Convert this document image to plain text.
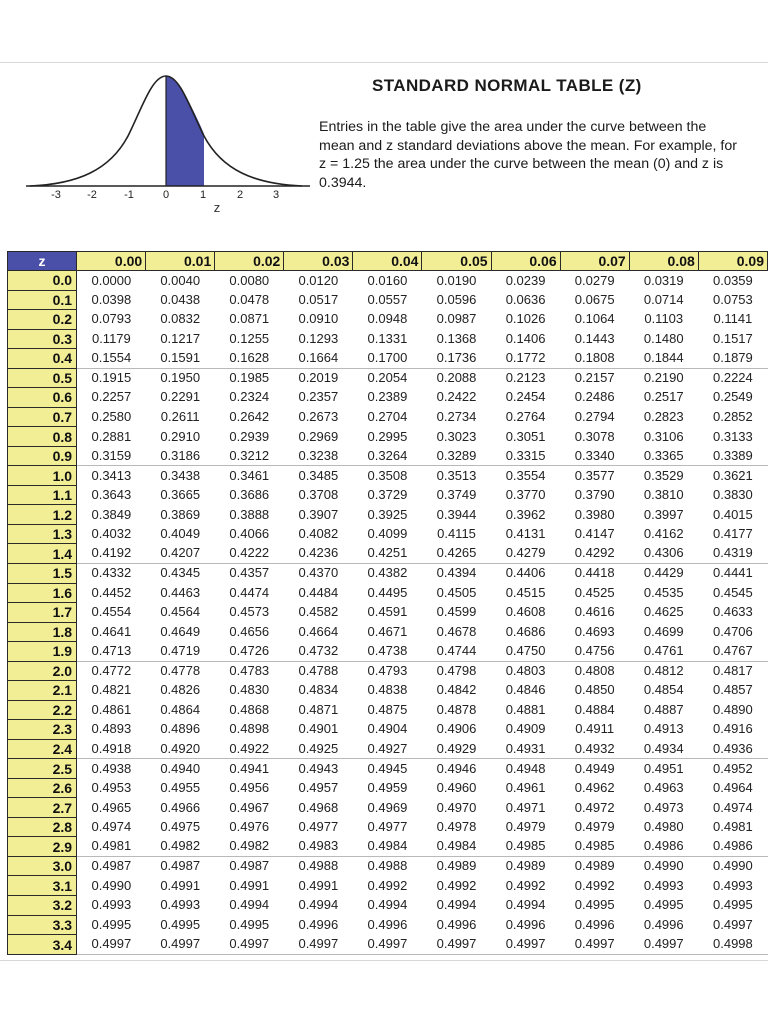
-3 -2 -1	0	1	2	3
z
STANDARD NORMAL TABLE (Z)
Entries in the table give the area under the curve between the mean and z standard deviations above the mean. For example, for z = 1.25 the area under the curve between the mean (0) and z is 0.3944.
z	0.00	0.01	0.02	0.03	0.04	0.05	0.06	0.07	0.08	0.09
0.0	0.0000	0.0040	0.0080	0.0120	0.0160	0.0190	0.0239	0.0279	0.0319	0.0359
0.1	0.0398	0.0438	0.0478	0.0517	0.0557	0.0596	0.0636	0.0675	0.0714	0.0753
0.2	0.0793	0.0832	0.0871	0.0910	0.0948	0.0987	0.1026	0.1064	0.1103	0.1141
0.3	0.1179	0.1217	0.1255	0.1293	0.1331	0.1368	0.1406	0.1443	0.1480	0.1517
0.4	0.1554	0.1591	0.1628	0.1664	0.1700	0.1736	0.1772	0.1808	0.1844	0.1879
0.5	0.1915	0.1950	0.1985	0.2019	0.2054	0.2088	0.2123	0.2157	0.2190	0.2224
0.6	0.2257	0.2291	0.2324	0.2357	0.2389	0.2422	0.2454	0.2486	0.2517	0.2549
0.7	0.2580	0.2611	0.2642	0.2673	0.2704	0.2734	0.2764	0.2794	0.2823	0.2852
0.8	0.2881	0.2910	0.2939	0.2969	0.2995	0.3023	0.3051	0.3078	0.3106	0.3133
0.9	0.3159	0.3186	0.3212	0.3238	0.3264	0.3289	0.3315	0.3340	0.3365	0.3389
1.0	0.3413	0.3438	0.3461	0.3485	0.3508	0.3513	0.3554	0.3577	0.3529	0.3621
1.1	0.3643	0.3665	0.3686	0.3708	0.3729	0.3749	0.3770	0.3790	0.3810	0.3830
1.2	0.3849	0.3869	0.3888	0.3907	0.3925	0.3944	0.3962	0.3980	0.3997	0.4015
1.3	0.4032	0.4049	0.4066	0.4082	0.4099	0.4115	0.4131	0.4147	0.4162	0.4177
1.4	0.4192	0.4207	0.4222	0.4236	0.4251	0.4265	0.4279	0.4292	0.4306	0.4319
1.5	0.4332	0.4345	0.4357	0.4370	0.4382	0.4394	0.4406	0.4418	0.4429	0.4441
1.6	0.4452	0.4463	0.4474	0.4484	0.4495	0.4505	0.4515	0.4525	0.4535	0.4545
1.7	0.4554	0.4564	0.4573	0.4582	0.4591	0.4599	0.4608	0.4616	0.4625	0.4633
1.8	0.4641	0.4649	0.4656	0.4664	0.4671	0.4678	0.4686	0.4693	0.4699	0.4706
1.9	0.4713	0.4719	0.4726	0.4732	0.4738	0.4744	0.4750	0.4756	0.4761	0.4767
2.0	0.4772	0.4778	0.4783	0.4788	0.4793	0.4798	0.4803	0.4808	0.4812	0.4817
2.1	0.4821	0.4826	0.4830	0.4834	0.4838	0.4842	0.4846	0.4850	0.4854	0.4857
2.2	0.4861	0.4864	0.4868	0.4871	0.4875	0.4878	0.4881	0.4884	0.4887	0.4890
2.3	0.4893	0.4896	0.4898	0.4901	0.4904	0.4906	0.4909	0.4911	0.4913	0.4916
2.4	0.4918	0.4920	0.4922	0.4925	0.4927	0.4929	0.4931	0.4932	0.4934	0.4936
2.5	0.4938	0.4940	0.4941	0.4943	0.4945	0.4946	0.4948	0.4949	0.4951	0.4952
2.6	0.4953	0.4955	0.4956	0.4957	0.4959	0.4960	0.4961	0.4962	0.4963	0.4964
2.7	0.4965	0.4966	0.4967	0.4968	0.4969	0.4970	0.4971	0.4972	0.4973	0.4974
2.8	0.4974	0.4975	0.4976	0.4977	0.4977	0.4978	0.4979	0.4979	0.4980	0.4981
2.9	0.4981	0.4982	0.4982	0.4983	0.4984	0.4984	0.4985	0.4985	0.4986	0.4986
3.0	0.4987	0.4987	0.4987	0.4988	0.4988	0.4989	0.4989	0.4989	0.4990	0.4990
3.1	0.4990	0.4991	0.4991	0.4991	0.4992	0.4992	0.4992	0.4992	0.4993	0.4993
3.2	0.4993	0.4993	0.4994	0.4994	0.4994	0.4994	0.4994	0.4995	0.4995	0.4995
3.3	0.4995	0.4995	0.4995	0.4996	0.4996	0.4996	0.4996	0.4996	0.4996	0.4997
3.4	0.4997	0.4997	0.4997	0.4997	0.4997	0.4997	0.4997	0.4997	0.4997	0.4998
